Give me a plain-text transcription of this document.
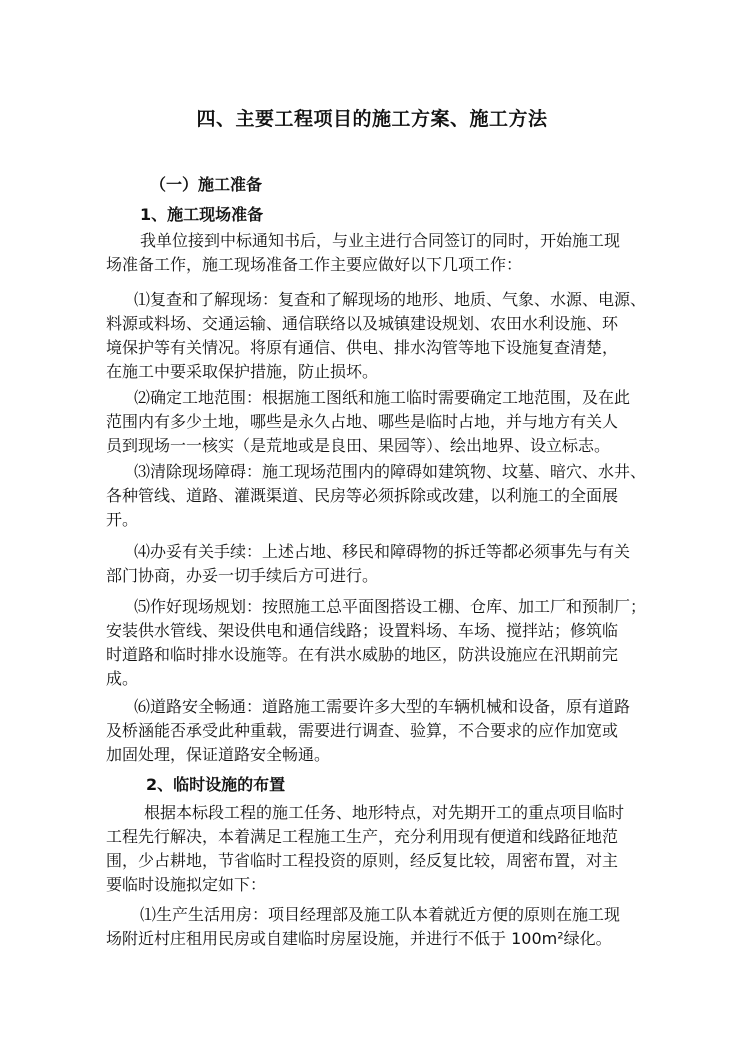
四、主要工程项目的施工方案、施工方法
（一）施工准备
1、施工现场准备
我单位接到中标通知书后，与业主进行合同签订的同时，开始施工现
场准备工作，施工现场准备工作主要应做好以下几项工作：
⑴复查和了解现场：复查和了解现场的地形、地质、气象、水源、电源、
料源或料场、交通运输、通信联络以及城镇建设规划、农田水利设施、环
境保护等有关情况。将原有通信、供电、排水沟管等地下设施复查清楚，
在施工中要采取保护措施，防止损坏。
⑵确定工地范围：根据施工图纸和施工临时需要确定工地范围，及在此
范围内有多少土地，哪些是永久占地、哪些是临时占地，并与地方有关人
员到现场一一核实（是荒地或是良田、果园等）、绘出地界、设立标志。
⑶清除现场障碍：施工现场范围内的障碍如建筑物、坟墓、暗穴、水井、
各种管线、道路、灌溉渠道、民房等必须拆除或改建，以利施工的全面展
开。
⑷办妥有关手续：上述占地、移民和障碍物的拆迁等都必须事先与有关
部门协商，办妥一切手续后方可进行。
⑸作好现场规划：按照施工总平面图搭设工棚、仓库、加工厂和预制厂；
安装供水管线、架设供电和通信线路；设置料场、车场、搅拌站；修筑临
时道路和临时排水设施等。在有洪水威胁的地区，防洪设施应在汛期前完
成。
⑹道路安全畅通：道路施工需要许多大型的车辆机械和设备，原有道路
及桥涵能否承受此种重载，需要进行调查、验算，不合要求的应作加宽或
加固处理，保证道路安全畅通。
2、临时设施的布置
根据本标段工程的施工任务、地形特点，对先期开工的重点项目临时
工程先行解决，本着满足工程施工生产，充分利用现有便道和线路征地范
围，少占耕地，节省临时工程投资的原则，经反复比较，周密布置，对主
要临时设施拟定如下：
⑴生产生活用房：项目经理部及施工队本着就近方便的原则在施工现
场附近村庄租用民房或自建临时房屋设施，并进行不低于 100m²绿化。
